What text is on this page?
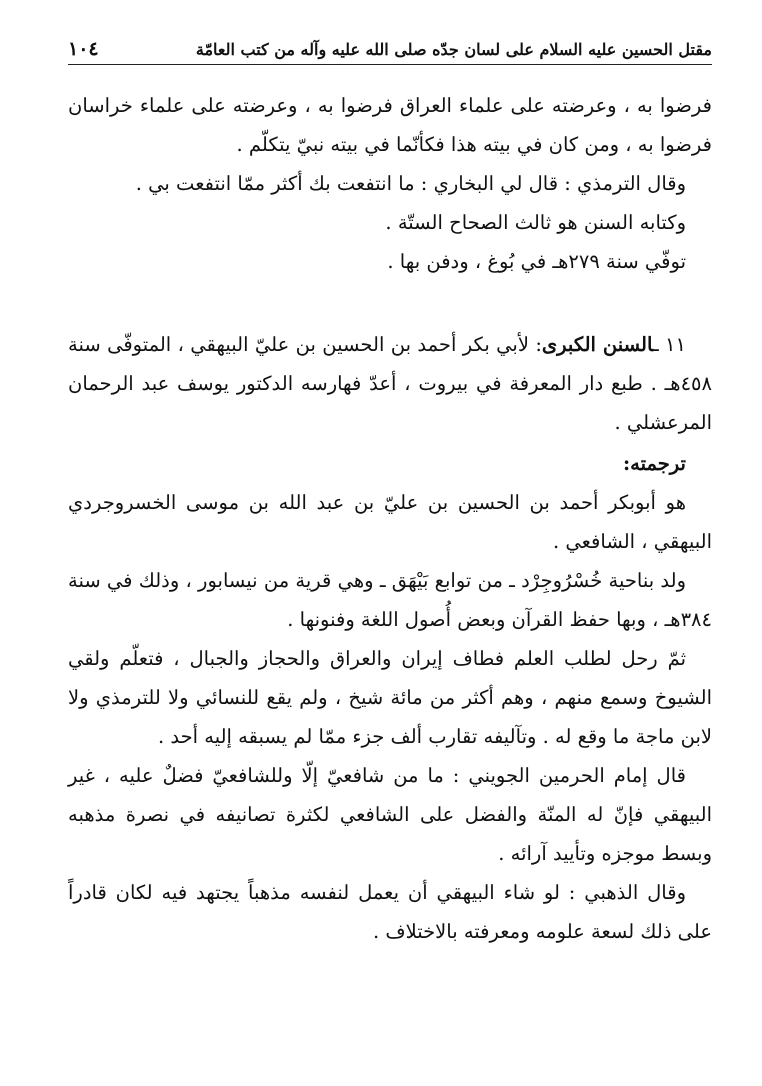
مقتل الحسين عليه السلام على لسان جدّه صلى الله عليه وآله من كتب العامّة
١٠٤

فرضوا به ، وعرضته على علماء العراق فرضوا به ، وعرضته على علماء خراسان فرضوا به ، ومن كان في بيته هذا فكأنّما في بيته نبيّ يتكلّم .

وقال الترمذي : قال لي البخاري : ما انتفعت بك أكثر ممّا انتفعت بي .

وكتابه السنن هو ثالث الصحاح الستّة .

توفّي سنة ٢٧٩هـ في بُوغ ، ودفن بها .

١١ ـالسنن الكبرى: لأبي بكر أحمد بن الحسين بن عليّ البيهقي ، المتوفّى سنة ٤٥٨هـ . طبع دار المعرفة في بيروت ، أعدّ فهارسه الدكتور يوسف عبد الرحمان المرعشلي .

ترجمته:

هو أبوبكر أحمد بن الحسين بن عليّ بن عبد الله بن موسى الخسروجردي البيهقي ، الشافعي .

ولد بناحية خُسْرُوجِرْد ـ من توابع بَيْهَق ـ وهي قرية من نيسابور ، وذلك في سنة ٣٨٤هـ ، وبها حفظ القرآن وبعض أُصول اللغة وفنونها .

ثمّ رحل لطلب العلم فطاف إيران والعراق والحجاز والجبال ، فتعلّم ولقي الشيوخ وسمع منهم ، وهم أكثر من مائة شيخ ، ولم يقع للنسائي ولا للترمذي ولا لابن ماجة ما وقع له . وتآليفه تقارب ألف جزء ممّا لم يسبقه إليه أحد .

قال إمام الحرمين الجويني : ما من شافعيّ إلّا وللشافعيّ فضلٌ عليه ، غير البيهقي فإنّ له المنّة والفضل على الشافعي لكثرة تصانيفه في نصرة مذهبه وبسط موجزه وتأييد آرائه .

وقال الذهبي : لو شاء البيهقي أن يعمل لنفسه مذهباً يجتهد فيه لكان قادراً على ذلك لسعة علومه ومعرفته بالاختلاف .
